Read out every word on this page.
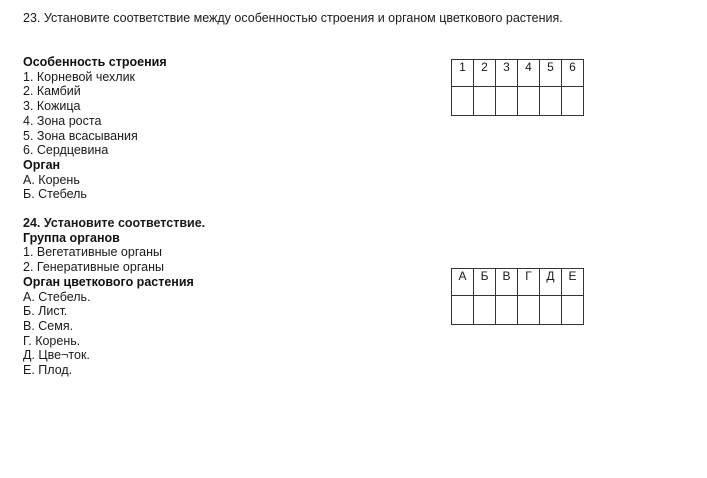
23. Установите соответствие между особенностью строения и органом цветкового растения.
Особенность строения
1. Корневой чехлик
2. Камбий
3. Кожица
4. Зона роста
5. Зона всасывания
6. Сердцевина
Орган
А. Корень
Б. Стебель
1	2	3	4	5	6

24. Установите соответствие.
Группа органов
1. Вегетативные органы
2. Генеративные органы
Орган цветкового растения
А. Стебель.
Б. Лист.
В. Семя.
Г. Корень.
Д. Цве¬ток.
Е. Плод.
А	Б	В	Г	Д	Е
